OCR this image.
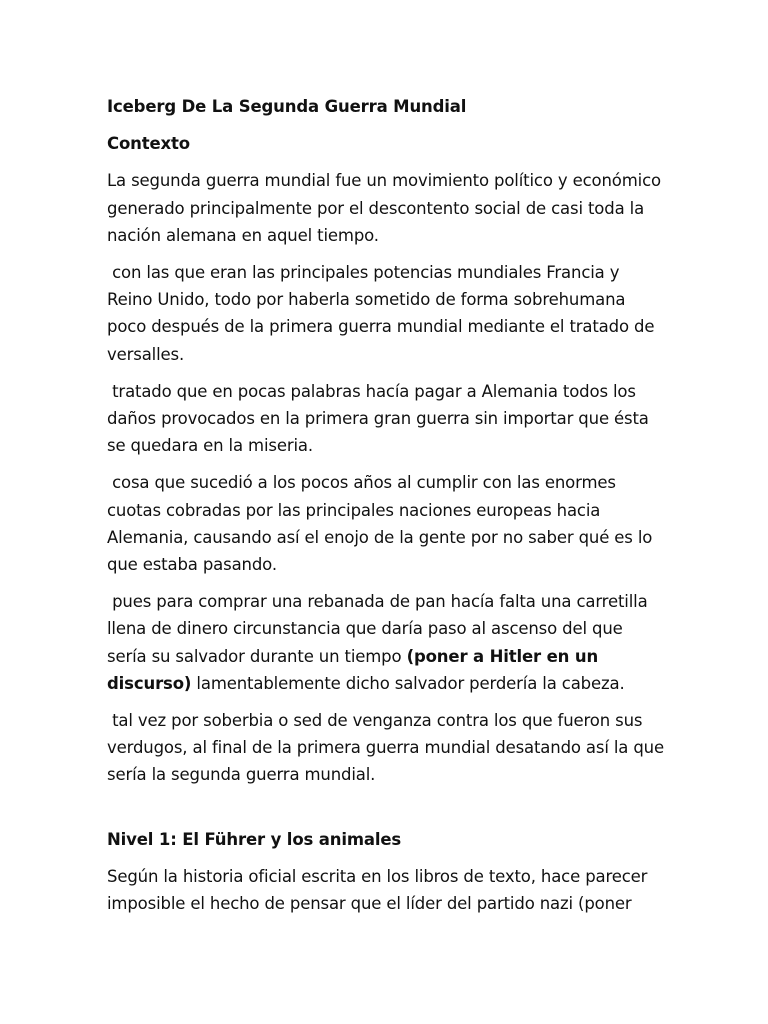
Iceberg De La Segunda Guerra Mundial

Contexto

La segunda guerra mundial fue un movimiento político y económico generado principalmente por el descontento social de casi toda la nación alemana en aquel tiempo.

con las que eran las principales potencias mundiales Francia y Reino Unido, todo por haberla sometido de forma sobrehumana poco después de la primera guerra mundial mediante el tratado de versalles.

tratado que en pocas palabras hacía pagar a Alemania todos los daños provocados en la primera gran guerra sin importar que ésta se quedara en la miseria.

cosa que sucedió a los pocos años al cumplir con las enormes cuotas cobradas por las principales naciones europeas hacia Alemania, causando así el enojo de la gente por no saber qué es lo que estaba pasando.

pues para comprar una rebanada de pan hacía falta una carretilla llena de dinero circunstancia que daría paso al ascenso del que sería su salvador durante un tiempo (poner a Hitler en un discurso) lamentablemente dicho salvador perdería la cabeza.

tal vez por soberbia o sed de venganza contra los que fueron sus verdugos, al final de la primera guerra mundial desatando así la que sería la segunda guerra mundial.

Nivel 1: El Führer y los animales

Según la historia oficial escrita en los libros de texto, hace parecer imposible el hecho de pensar que el líder del partido nazi (poner
